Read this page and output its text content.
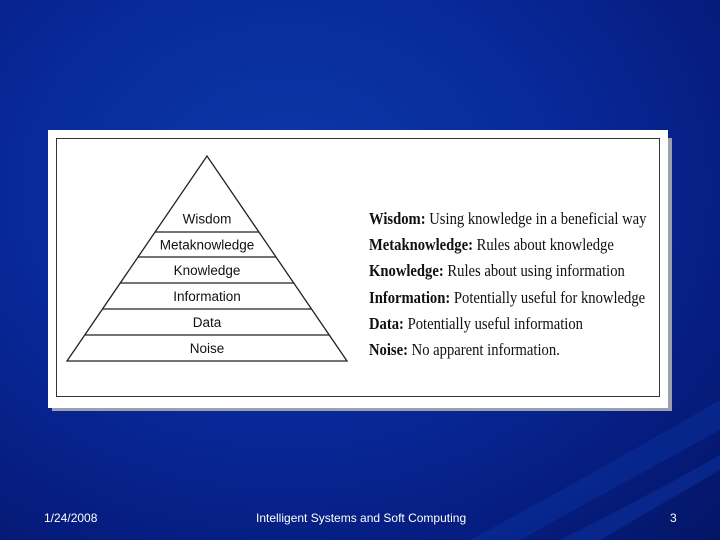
Wisdom
Metaknowledge
Knowledge
Information
Data
Noise
Wisdom: Using knowledge in a beneficial way
Metaknowledge: Rules about knowledge
Knowledge: Rules about using information
Information: Potentially useful for knowledge
Data: Potentially useful information
Noise: No apparent information.
1/24/2008	Intelligent Systems and Soft Computing	3
